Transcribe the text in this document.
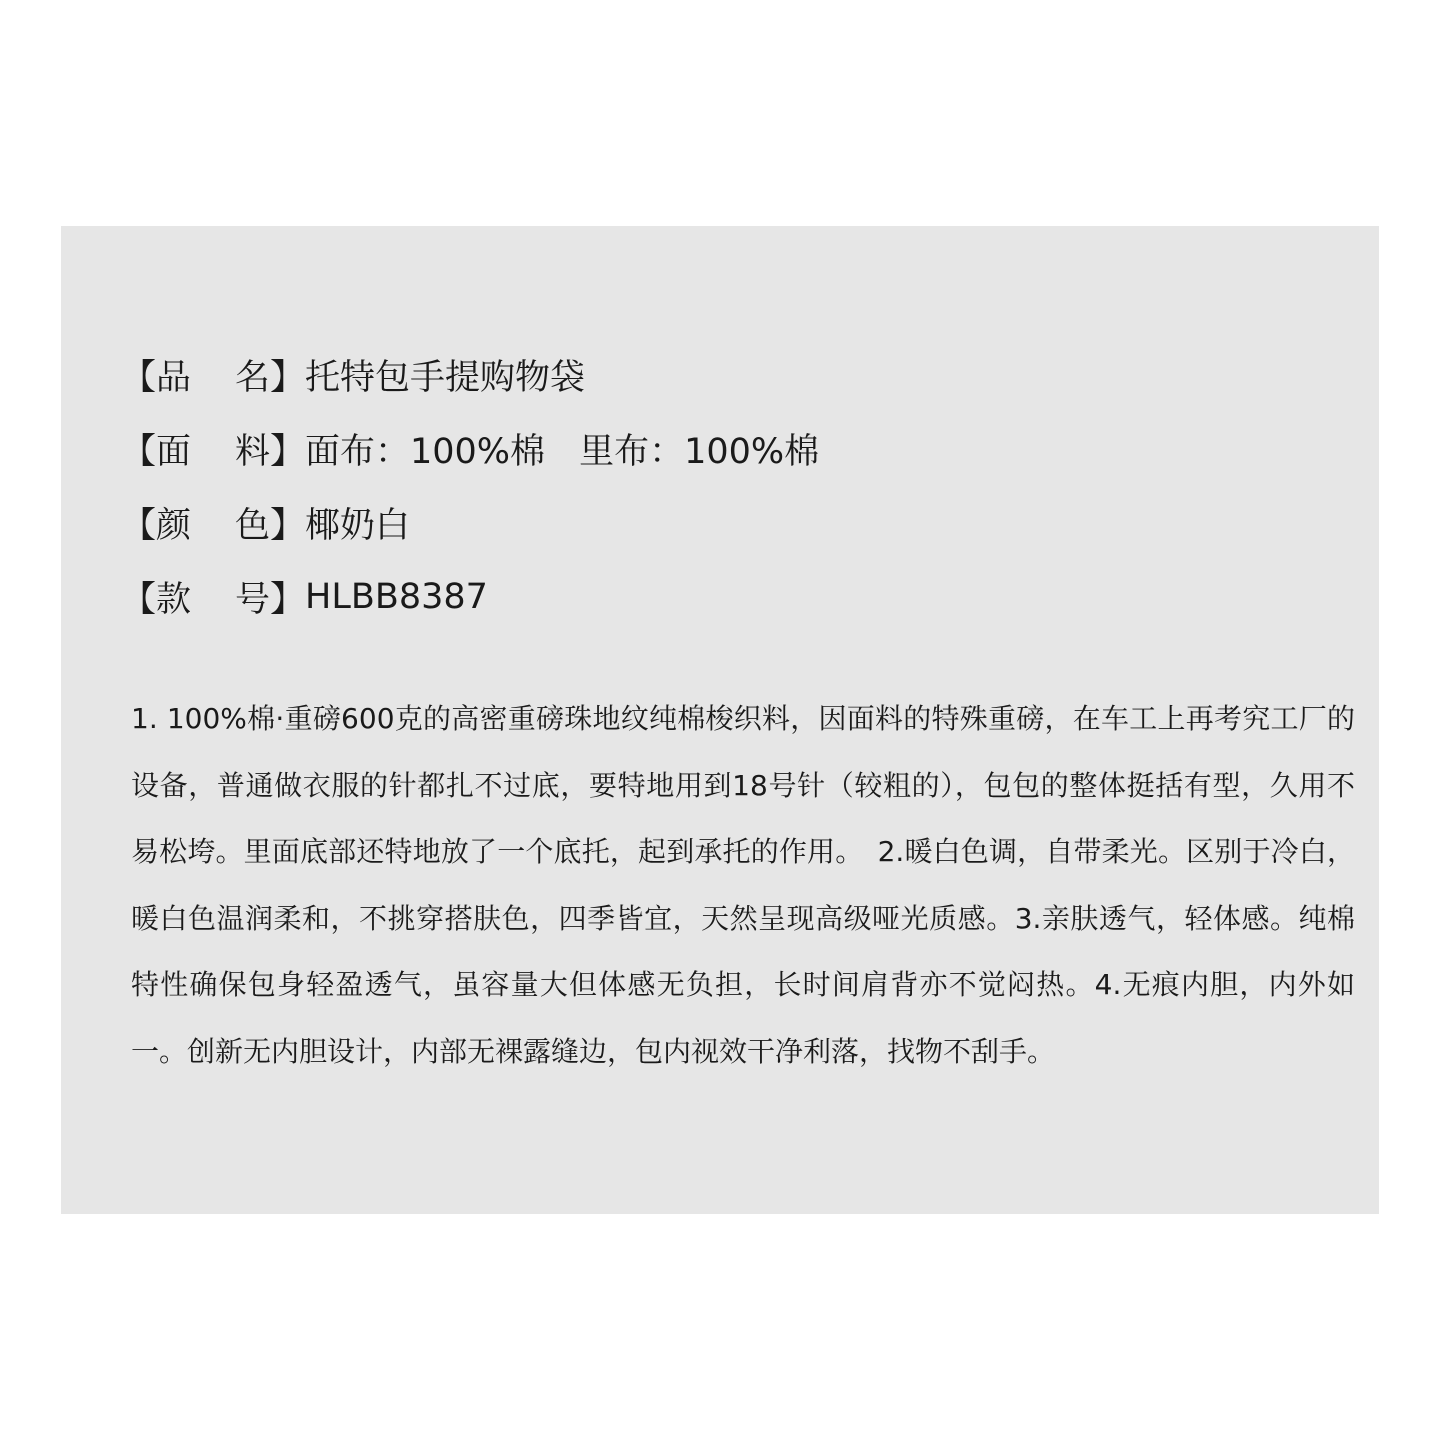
【 品 名 】 托特包手提购物袋
【 面 料 】 面布：100%棉 里布：100%棉
【 颜 色 】 椰奶白
【 款 号 】 HLBB8387
1. 100%棉·重磅600克的高密重磅珠地纹纯棉梭织料，因面料的特殊重磅，在车工上再考究工厂的设备，普通做衣服的针都扎不过底，要特地用到18号针（较粗的），包包的整体挺括有型，久用不易松垮。里面底部还特地放了一个底托，起到承托的作用。　2.暖白色调，自带柔光。区别于冷白，暖白色温润柔和，不挑穿搭肤色，四季皆宜，天然呈现高级哑光质感。3.亲肤透气，轻体感。纯棉特性确保包身轻盈透气，虽容量大但体感无负担，长时间肩背亦不觉闷热。4.无痕内胆，内外如一。创新无内胆设计，内部无裸露缝边，包内视效干净利落，找物不刮手。
